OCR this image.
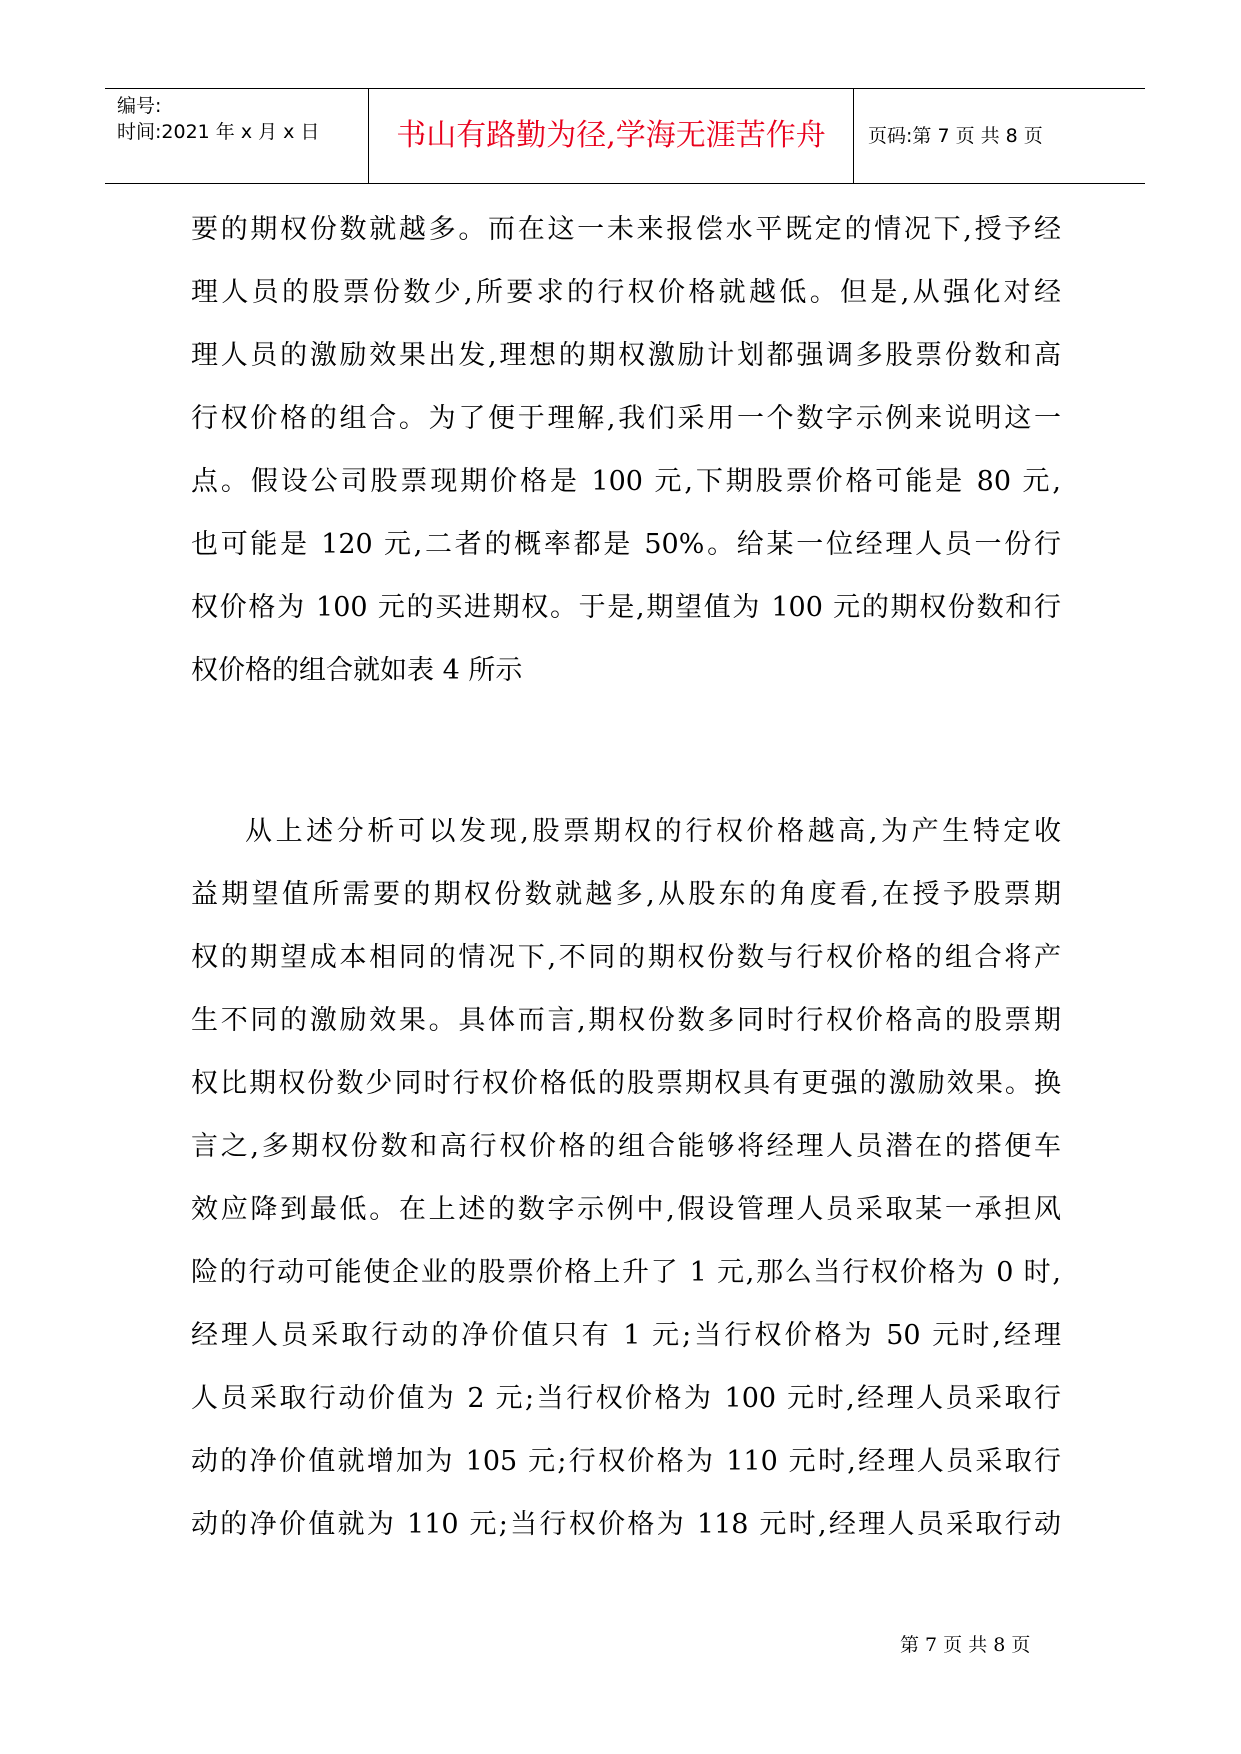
编号:
时间:2021 年 x 月 x 日	书山有路勤为径,学海无涯苦作舟	页码:第 7 页 共 8 页

要的期权份数就越多。而在这一未来报偿水平既定的情况下,授予经

理人员的股票份数少,所要求的行权价格就越低。但是,从强化对经

理人员的激励效果出发,理想的期权激励计划都强调多股票份数和高

行权价格的组合。为了便于理解,我们采用一个数字示例来说明这一

点。假设公司股票现期价格是 100 元,下期股票价格可能是 80 元,

也可能是 120 元,二者的概率都是 50%。给某一位经理人员一份行

权价格为 100 元的买进期权。于是,期望值为 100 元的期权份数和行

权价格的组合就如表 4 所示

从上述分析可以发现,股票期权的行权价格越高,为产生特定收

益期望值所需要的期权份数就越多,从股东的角度看,在授予股票期

权的期望成本相同的情况下,不同的期权份数与行权价格的组合将产

生不同的激励效果。具体而言,期权份数多同时行权价格高的股票期

权比期权份数少同时行权价格低的股票期权具有更强的激励效果。换

言之,多期权份数和高行权价格的组合能够将经理人员潜在的搭便车

效应降到最低。在上述的数字示例中,假设管理人员采取某一承担风

险的行动可能使企业的股票价格上升了 1 元,那么当行权价格为 0 时,

经理人员采取行动的净价值只有 1 元;当行权价格为 50 元时,经理

人员采取行动价值为 2 元;当行权价格为 100 元时,经理人员采取行

动的净价值就增加为 105 元;行权价格为 110 元时,经理人员采取行

动的净价值就为 110 元;当行权价格为 118 元时,经理人员采取行动

第 7 页 共 8 页
